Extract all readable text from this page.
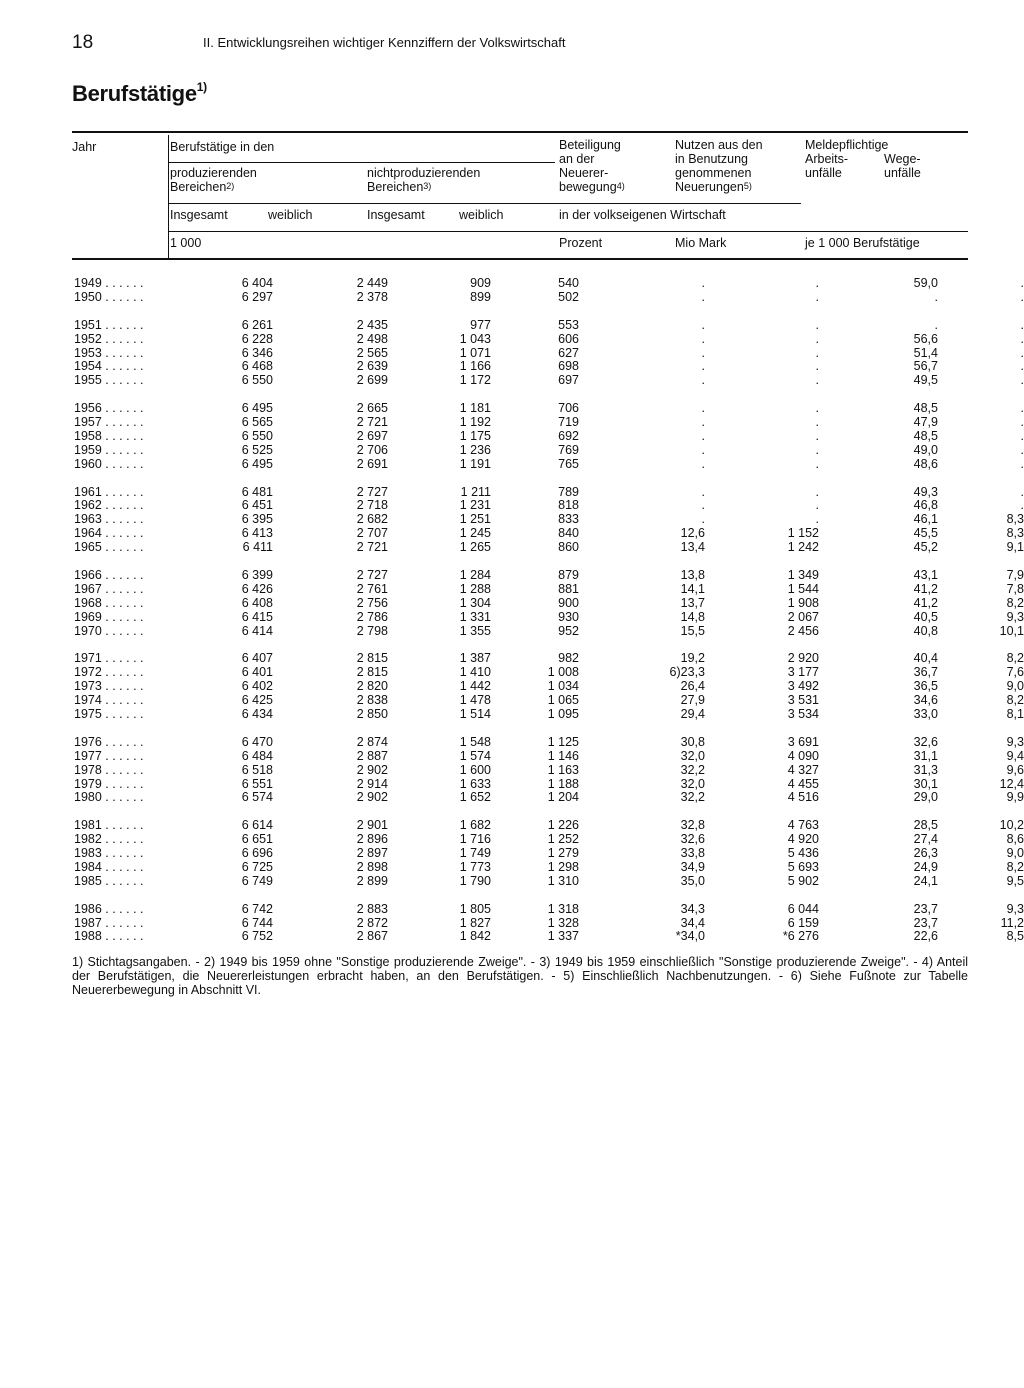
18	II. Entwicklungsreihen wichtiger Kennziffern der Volkswirtschaft
Berufstätige$^{1)}$
Jahr	Berufstätige in den
produzierenden
Bereichen$_{2)}$
nichtproduzierenden
Bereichen$_{3)}$
Insgesamt	weiblich	Insgesamt	weiblich
1 000
Beteiligung
an der
Neuerer-
bewegung$_{4)}$
Nutzen aus den
in Benutzung
genommenen
Neuerungen$_{5)}$
in der volkseigenen Wirtschaft
Prozent	Mio Mark
Meldepflichtige
Arbeits-
unfälle
Wege-
unfälle
je 1 000 Berufstätige
1949 . . . . . .	6 404	2 449	909	540	.	.	59,0	.
1950 . . . . . .	6 297	2 378	899	502	.	.	.	.

1951 . . . . . .	6 261	2 435	977	553	.	.	.	.
1952 . . . . . .	6 228	2 498	1 043	606	.	.	56,6	.
1953 . . . . . .	6 346	2 565	1 071	627	.	.	51,4	.
1954 . . . . . .	6 468	2 639	1 166	698	.	.	56,7	.
1955 . . . . . .	6 550	2 699	1 172	697	.	.	49,5	.

1956 . . . . . .	6 495	2 665	1 181	706	.	.	48,5	.
1957 . . . . . .	6 565	2 721	1 192	719	.	.	47,9	.
1958 . . . . . .	6 550	2 697	1 175	692	.	.	48,5	.
1959 . . . . . .	6 525	2 706	1 236	769	.	.	49,0	.
1960 . . . . . .	6 495	2 691	1 191	765	.	.	48,6	.

1961 . . . . . .	6 481	2 727	1 211	789	.	.	49,3	.
1962 . . . . . .	6 451	2 718	1 231	818	.	.	46,8	.
1963 . . . . . .	6 395	2 682	1 251	833	.	.	46,1	8,3
1964 . . . . . .	6 413	2 707	1 245	840	12,6	1 152	45,5	8,3
1965 . . . . . .	6 411	2 721	1 265	860	13,4	1 242	45,2	9,1

1966 . . . . . .	6 399	2 727	1 284	879	13,8	1 349	43,1	7,9
1967 . . . . . .	6 426	2 761	1 288	881	14,1	1 544	41,2	7,8
1968 . . . . . .	6 408	2 756	1 304	900	13,7	1 908	41,2	8,2
1969 . . . . . .	6 415	2 786	1 331	930	14,8	2 067	40,5	9,3
1970 . . . . . .	6 414	2 798	1 355	952	15,5	2 456	40,8	10,1

1971 . . . . . .	6 407	2 815	1 387	982	19,2	2 920	40,4	8,2
1972 . . . . . .	6 401	2 815	1 410	1 008	6)23,3	3 177	36,7	7,6
1973 . . . . . .	6 402	2 820	1 442	1 034	26,4	3 492	36,5	9,0
1974 . . . . . .	6 425	2 838	1 478	1 065	27,9	3 531	34,6	8,2
1975 . . . . . .	6 434	2 850	1 514	1 095	29,4	3 534	33,0	8,1

1976 . . . . . .	6 470	2 874	1 548	1 125	30,8	3 691	32,6	9,3
1977 . . . . . .	6 484	2 887	1 574	1 146	32,0	4 090	31,1	9,4
1978 . . . . . .	6 518	2 902	1 600	1 163	32,2	4 327	31,3	9,6
1979 . . . . . .	6 551	2 914	1 633	1 188	32,0	4 455	30,1	12,4
1980 . . . . . .	6 574	2 902	1 652	1 204	32,2	4 516	29,0	9,9

1981 . . . . . .	6 614	2 901	1 682	1 226	32,8	4 763	28,5	10,2
1982 . . . . . .	6 651	2 896	1 716	1 252	32,6	4 920	27,4	8,6
1983 . . . . . .	6 696	2 897	1 749	1 279	33,8	5 436	26,3	9,0
1984 . . . . . .	6 725	2 898	1 773	1 298	34,9	5 693	24,9	8,2
1985 . . . . . .	6 749	2 899	1 790	1 310	35,0	5 902	24,1	9,5

1986 . . . . . .	6 742	2 883	1 805	1 318	34,3	6 044	23,7	9,3
1987 . . . . . .	6 744	2 872	1 827	1 328	34,4	6 159	23,7	11,2
1988 . . . . . .	6 752	2 867	1 842	1 337	*34,0	*6 276	22,6	8,5
1) Stichtagsangaben. - 2) 1949 bis 1959 ohne "Sonstige produzierende Zweige". - 3) 1949 bis 1959 einschließlich "Sonstige produzierende Zweige". - 4) Anteil der Berufstätigen, die Neuererleistungen erbracht haben, an den Berufstätigen. - 5) Einschließlich Nachbenutzungen. - 6) Siehe Fußnote zur Tabelle Neuererbewegung in Abschnitt VI.
